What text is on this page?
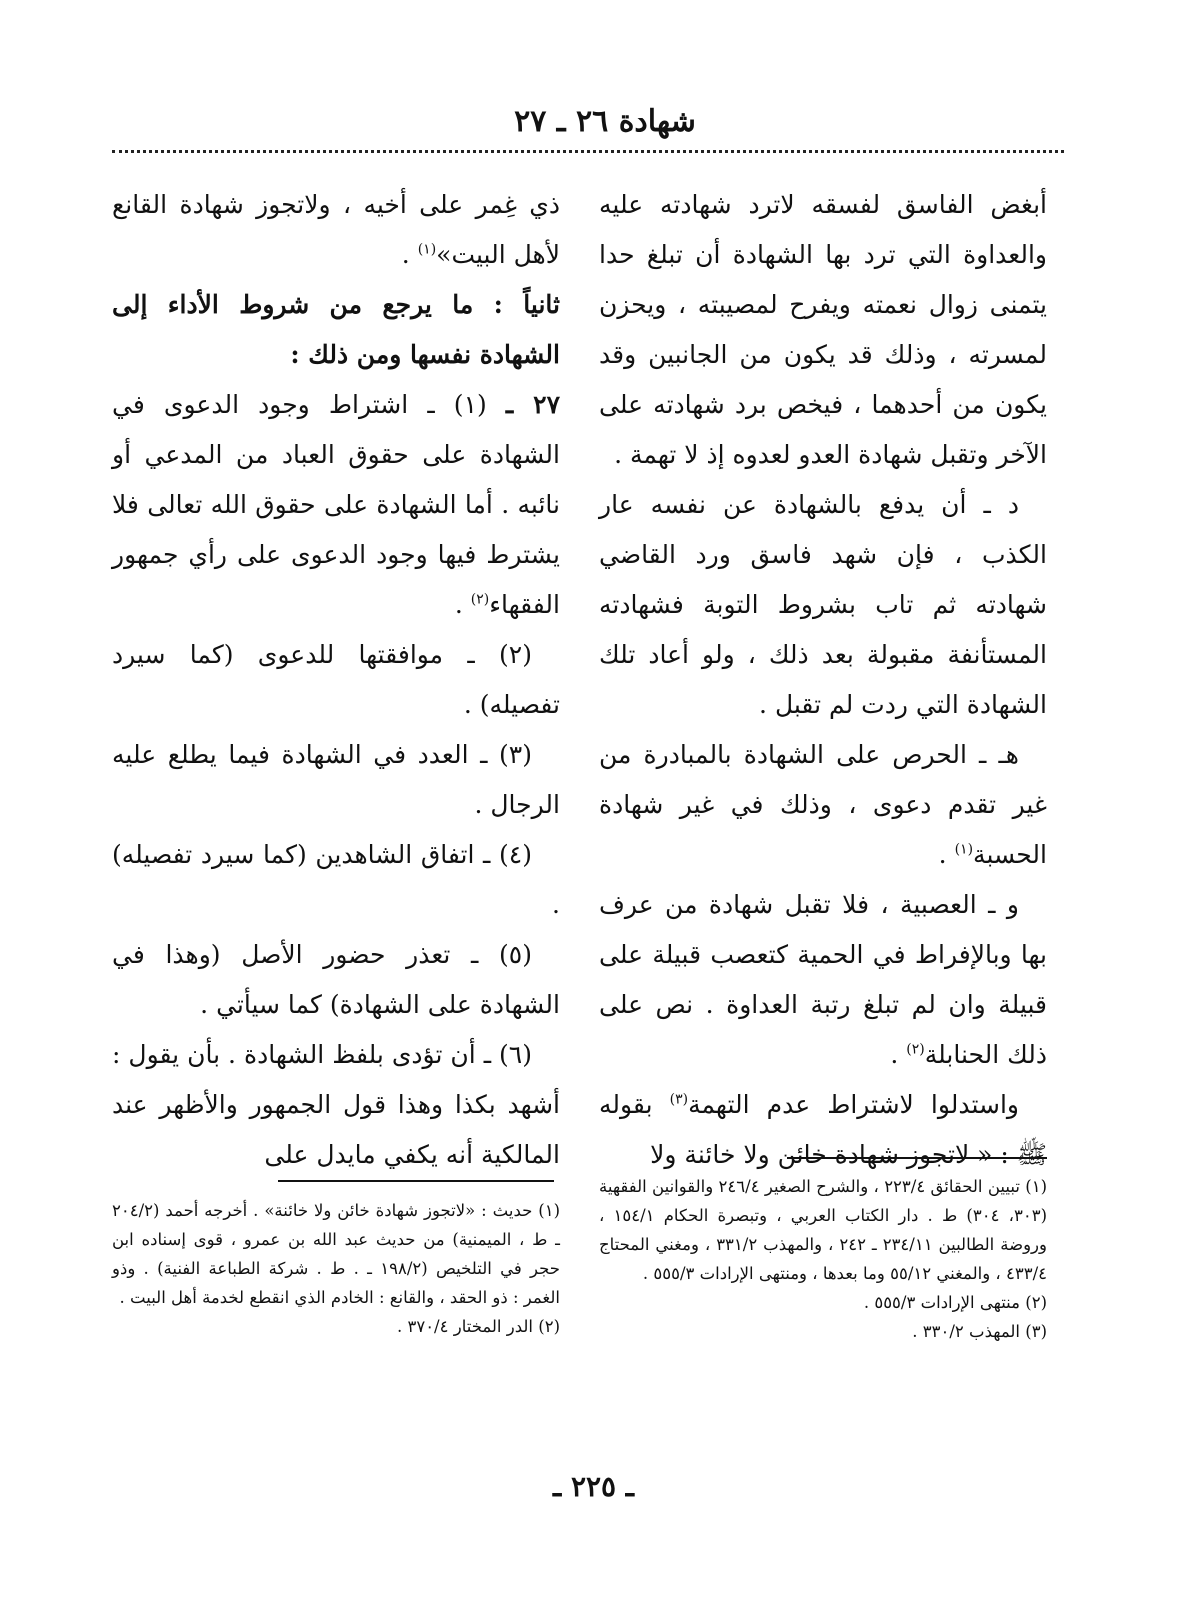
شهادة ٢٦ ـ ٢٧

أبغض الفاسق لفسقه لاترد شهادته عليه والعداوة التي ترد بها الشهادة أن تبلغ حدا يتمنى زوال نعمته ويفرح لمصيبته ، ويحزن لمسرته ، وذلك قد يكون من الجانبين وقد يكون من أحدهما ، فيخص برد شهادته على الآخر وتقبل شهادة العدو لعدوه إذ لا تهمة .

د ـ أن يدفع بالشهادة عن نفسه عار الكذب ، فإن شهد فاسق ورد القاضي شهادته ثم تاب بشروط التوبة فشهادته المستأنفة مقبولة بعد ذلك ، ولو أعاد تلك الشهادة التي ردت لم تقبل .

هـ ـ الحرص على الشهادة بالمبادرة من غير تقدم دعوى ، وذلك في غير شهادة الحسبة$^{(١)}$ .

و ـ العصبية ، فلا تقبل شهادة من عرف بها وبالإفراط في الحمية كتعصب قبيلة على قبيلة وان لم تبلغ رتبة العداوة . نص على ذلك الحنابلة$^{(٢)}$ .

واستدلوا لاشتراط عدم التهمة$^{(٣)}$ بقوله ﷺ : « لاتجوز شهادة خائن ولا خائنة ولا

ذي غِمر على أخيه ، ولاتجوز شهادة القانع لأهل البيت»$^{(١)}$ .

ثانياً : ما يرجع من شروط الأداء إلى الشهادة نفسها ومن ذلك :

٢٧ ـ (١) ـ اشتراط وجود الدعوى في الشهادة على حقوق العباد من المدعي أو نائبه . أما الشهادة على حقوق الله تعالى فلا يشترط فيها وجود الدعوى على رأي جمهور الفقهاء$^{(٢)}$ .

(٢) ـ موافقتها للدعوى (كما سيرد تفصيله) .

(٣) ـ العدد في الشهادة فيما يطلع عليه الرجال .

(٤) ـ اتفاق الشاهدين (كما سيرد تفصيله) .

(٥) ـ تعذر حضور الأصل (وهذا في الشهادة على الشهادة) كما سيأتي .

(٦) ـ أن تؤدى بلفظ الشهادة . بأن يقول : أشهد بكذا وهذا قول الجمهور والأظهر عند المالكية أنه يكفي مايدل على

(١) تبيين الحقائق ٢٢٣/٤ ، والشرح الصغير ٢٤٦/٤ والقوانين الفقهية (٣٠٣، ٣٠٤) ط . دار الكتاب العربي ، وتبصرة الحكام ١٥٤/١ ، وروضة الطالبين ٢٣٤/١١ ـ ٢٤٢ ، والمهذب ٣٣١/٢ ، ومغني المحتاج ٤٣٣/٤ ، والمغني ٥٥/١٢ وما بعدها ، ومنتهى الإرادات ٥٥٥/٣ .

(٢) منتهى الإرادات ٥٥٥/٣ .

(٣) المهذب ٣٣٠/٢ .

(١) حديث : «لاتجوز شهادة خائن ولا خائنة» . أخرجه أحمد (٢٠٤/٢ ـ ط ، الميمنية) من حديث عبد الله بن عمرو ، قوى إسناده ابن حجر في التلخيص (١٩٨/٢ ـ . ط . شركة الطباعة الفنية) . وذو الغمر : ذو الحقد ، والقانع : الخادم الذي انقطع لخدمة أهل البيت .

(٢) الدر المختار ٣٧٠/٤ .

ـ ٢٢٥ ـ
